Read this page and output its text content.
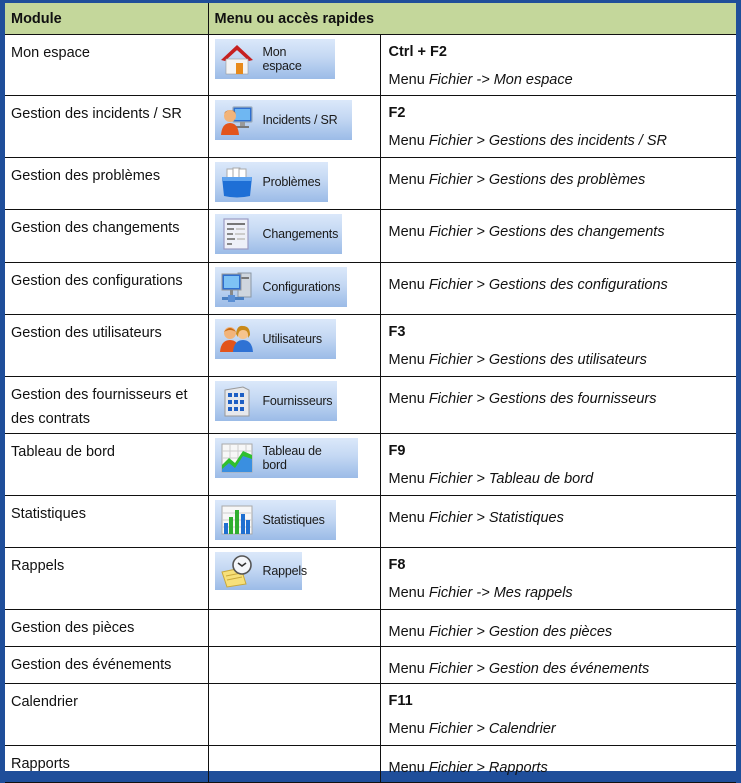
Module	Menu ou accès rapides	
Mon espace	Mon espace	Ctrl + F2
Menu Fichier -> Mon espace

Gestion des incidents / SR	Incidents / SR	F2
Menu Fichier > Gestions des incidents / SR

Gestion des problèmes	Problèmes	Menu Fichier > Gestions des problèmes

Gestion des changements	Changements	Menu Fichier > Gestions des changements

Gestion des configurations	Configurations	Menu Fichier > Gestions des configurations

Gestion des utilisateurs	Utilisateurs	F3
Menu Fichier > Gestions des utilisateurs

Gestion des fournisseurs et des contrats	Fournisseurs	Menu Fichier > Gestions des fournisseurs

Tableau de bord	Tableau de bord	F9
Menu Fichier > Tableau de bord

Statistiques	Statistiques	Menu Fichier > Statistiques

Rappels	Rappels	F8
Menu Fichier -> Mes rappels

Gestion des pièces		Menu Fichier > Gestion des pièces

Gestion des événements		Menu Fichier > Gestion des événements

Calendrier		F11
Menu Fichier > Calendrier

Rapports		Menu Fichier > Rapports
